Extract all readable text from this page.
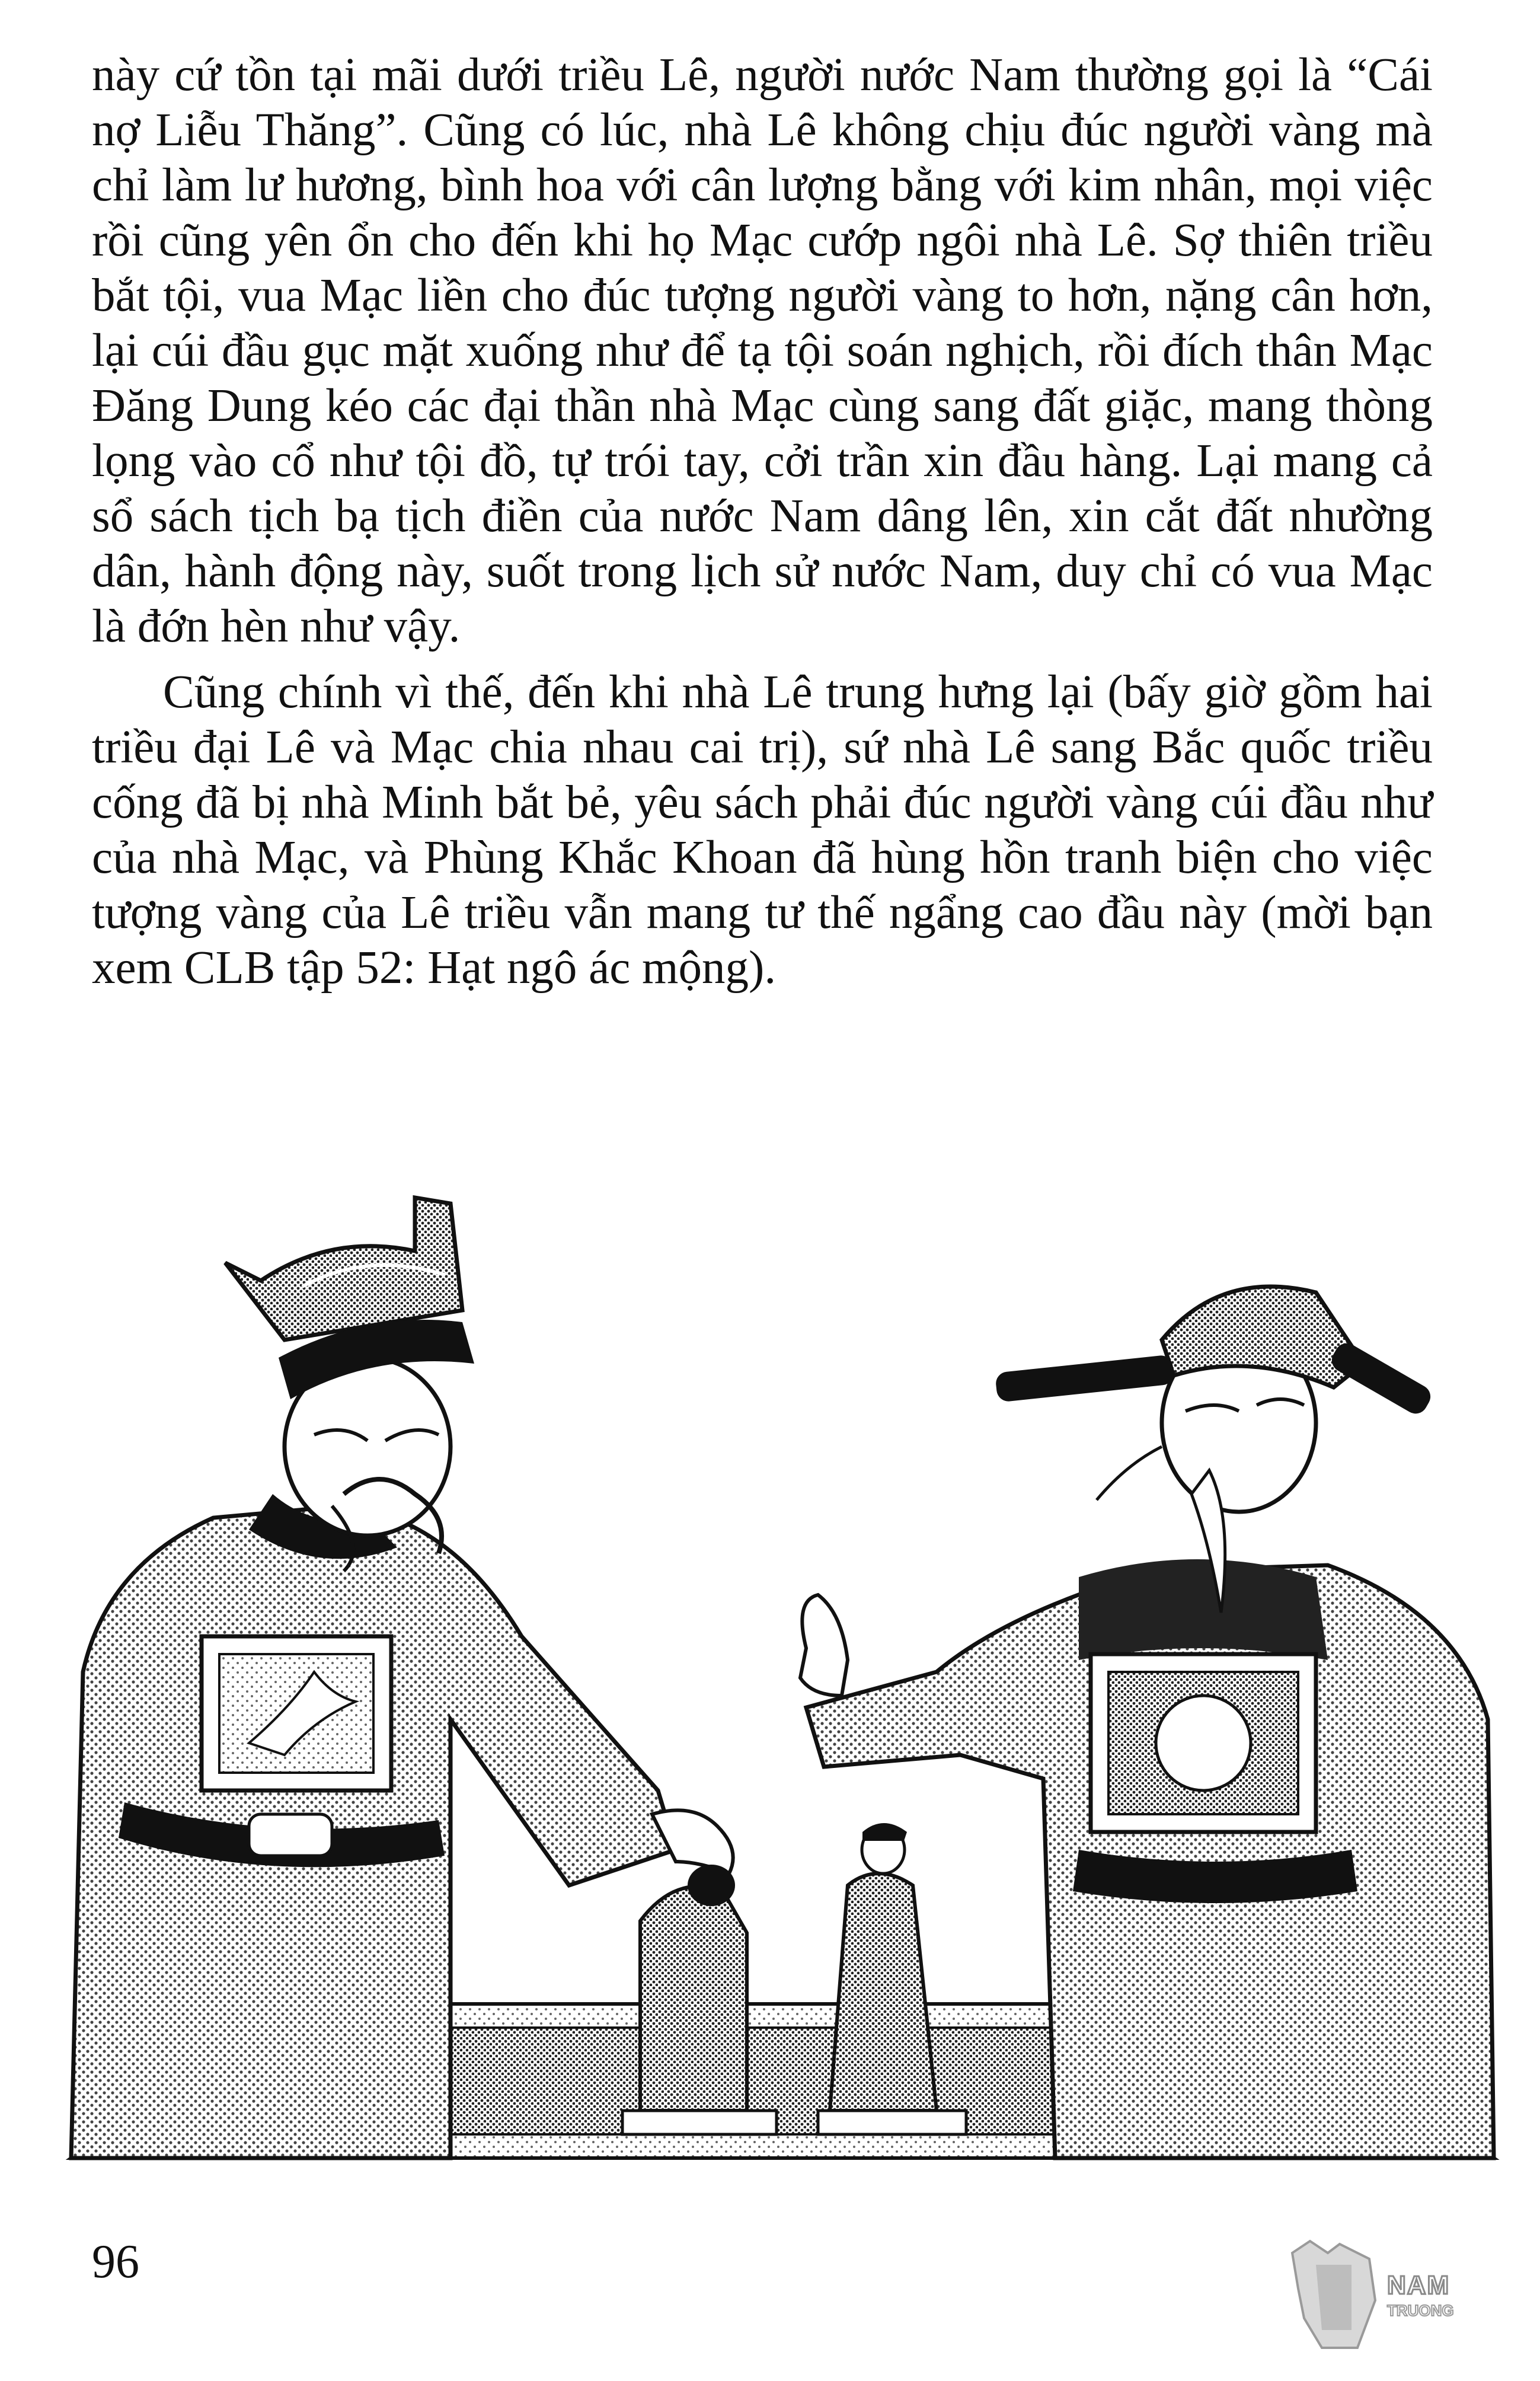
này cứ tồn tại mãi dưới triều Lê, người nước Nam thường gọi là “Cái nợ Liễu Thăng”. Cũng có lúc, nhà Lê không chịu đúc người vàng mà chỉ làm lư hương, bình hoa với cân lượng bằng với kim nhân, mọi việc rồi cũng yên ổn cho đến khi họ Mạc cướp ngôi nhà Lê. Sợ thiên triều bắt tội, vua Mạc liền cho đúc tượng người vàng to hơn, nặng cân hơn, lại cúi đầu gục mặt xuống như để tạ tội soán nghịch, rồi đích thân Mạc Đăng Dung kéo các đại thần nhà Mạc cùng sang đất giặc, mang thòng lọng vào cổ như tội đồ, tự trói tay, cởi trần xin đầu hàng. Lại mang cả sổ sách tịch bạ tịch điền của nước Nam dâng lên, xin cắt đất nhường dân, hành động này, suốt trong lịch sử nước Nam, duy chỉ có vua Mạc là đớn hèn như vậy.

Cũng chính vì thế, đến khi nhà Lê trung hưng lại (bấy giờ gồm hai triều đại Lê và Mạc chia nhau cai trị), sứ nhà Lê sang Bắc quốc triều cống đã bị nhà Minh bắt bẻ, yêu sách phải đúc người vàng cúi đầu như của nhà Mạc, và Phùng Khắc Khoan đã hùng hồn tranh biện cho việc tượng vàng của Lê triều vẫn mang tư thế ngẩng cao đầu này (mời bạn xem CLB tập 52: Hạt ngô ác mộng).

96	NAM
TRUONG
